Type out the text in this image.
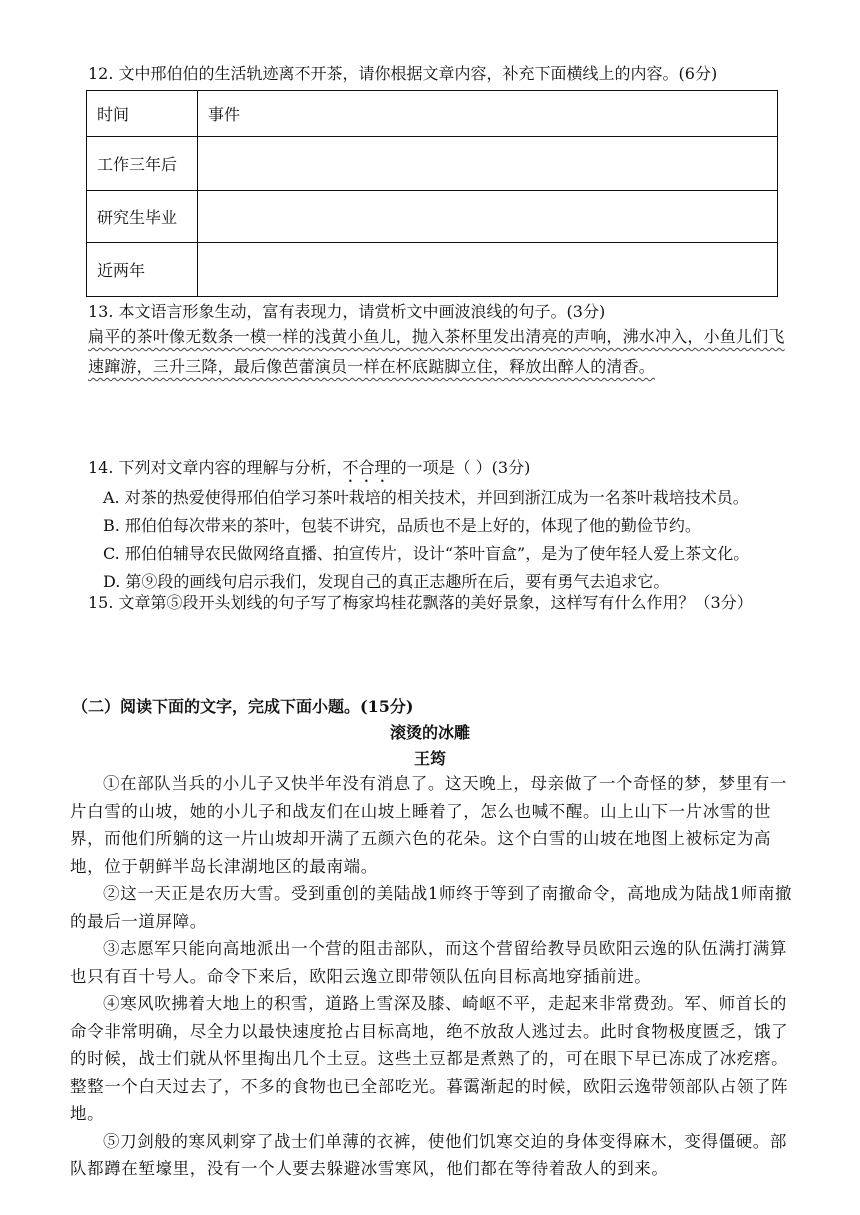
12. 文中邢伯伯的生活轨迹离不开茶，请你根据文章内容，补充下面横线上的内容。(6分)
时间	事件
工作三年后	
研究生毕业	
近两年	
13. 本文语言形象生动，富有表现力，请赏析文中画波浪线的句子。(3分)
扁平的茶叶像无数条一模一样的浅黄小鱼儿，抛入茶杯里发出清亮的声响，沸水冲入，小鱼儿们飞速蹿游，三升三降，最后像芭蕾演员一样在杯底踮脚立住，释放出醉人的清香。
14. 下列对文章内容的理解与分析，不合理的一项是（ ）(3分)
A. 对茶的热爱使得邢伯伯学习茶叶栽培的相关技术，并回到浙江成为一名茶叶栽培技术员。
B. 邢伯伯每次带来的茶叶，包装不讲究，品质也不是上好的，体现了他的勤俭节约。
C. 邢伯伯辅导农民做网络直播、拍宣传片，设计“茶叶盲盒”，是为了使年轻人爱上茶文化。
D. 第⑨段的画线句启示我们，发现自己的真正志趣所在后，要有勇气去追求它。
15. 文章第⑤段开头划线的句子写了梅家坞桂花飘落的美好景象，这样写有什么作用？（3分）
（二）阅读下面的文字，完成下面小题。(15分)
滚烫的冰雕
王筠

①在部队当兵的小儿子又快半年没有消息了。这天晚上，母亲做了一个奇怪的梦，梦里有一片白雪的山坡，她的小儿子和战友们在山坡上睡着了，怎么也喊不醒。山上山下一片冰雪的世界，而他们所躺的这一片山坡却开满了五颜六色的花朵。这个白雪的山坡在地图上被标定为高地，位于朝鲜半岛长津湖地区的最南端。

②这一天正是农历大雪。受到重创的美陆战1师终于等到了南撤命令，高地成为陆战1师南撤的最后一道屏障。

③志愿军只能向高地派出一个营的阻击部队，而这个营留给教导员欧阳云逸的队伍满打满算也只有百十号人。命令下来后，欧阳云逸立即带领队伍向目标高地穿插前进。

④寒风吹拂着大地上的积雪，道路上雪深及膝、崎岖不平，走起来非常费劲。军、师首长的命令非常明确，尽全力以最快速度抢占目标高地，绝不放敌人逃过去。此时食物极度匮乏，饿了的时候，战士们就从怀里掏出几个土豆。这些土豆都是煮熟了的，可在眼下早已冻成了冰疙瘩。整整一个白天过去了，不多的食物也已全部吃光。暮霭渐起的时候，欧阳云逸带领部队占领了阵地。

⑤刀剑般的寒风刺穿了战士们单薄的衣裤，使他们饥寒交迫的身体变得麻木，变得僵硬。部队都蹲在堑壕里，没有一个人要去躲避冰雪寒风，他们都在等待着敌人的到来。
